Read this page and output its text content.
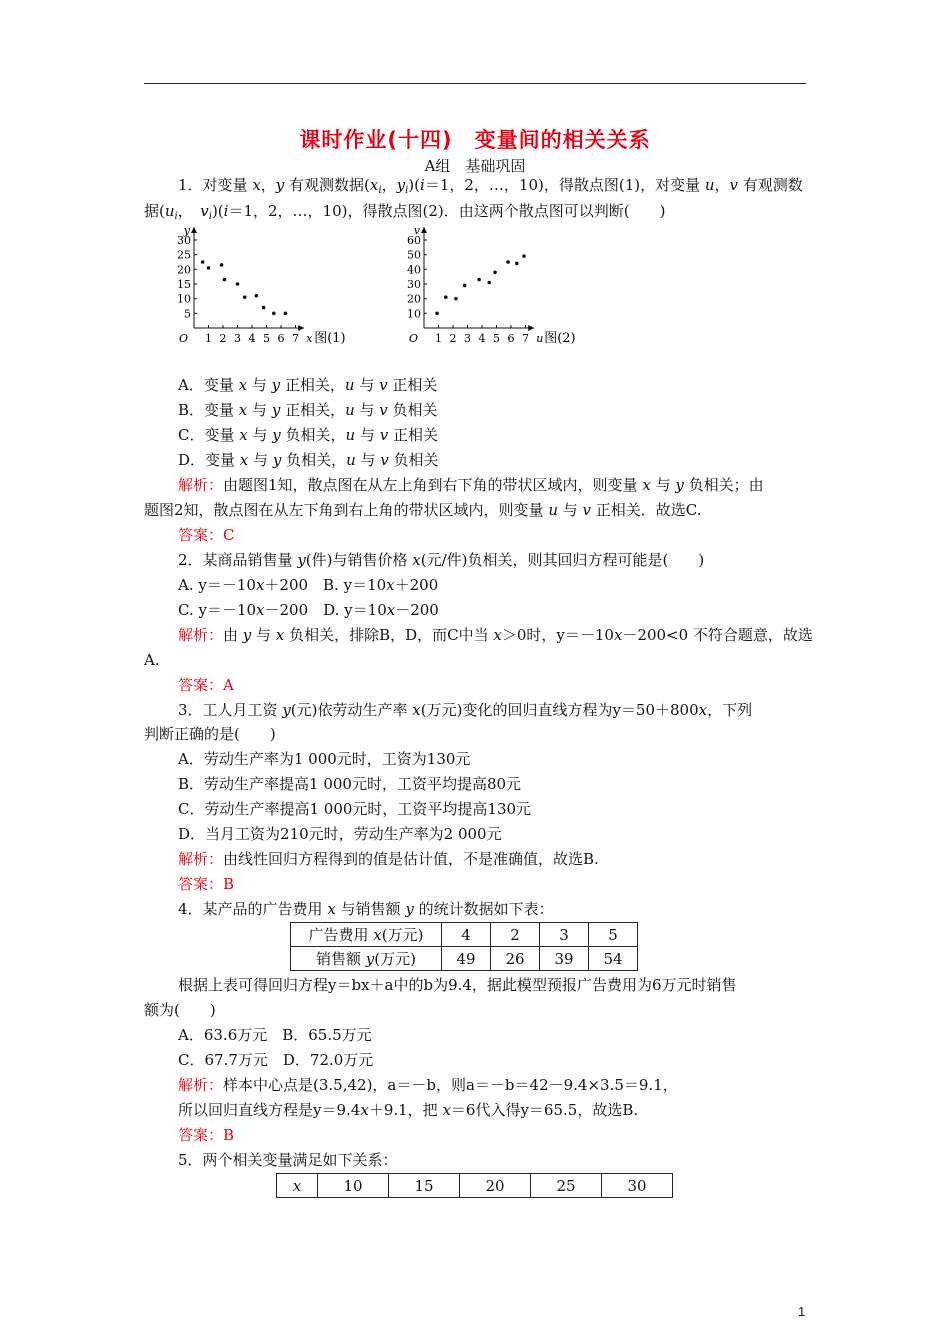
课时作业(十四)　变量间的相关关系
A组　基础巩固
1．对变量 x，y 有观测数据($x_i$，$y_i)(i=1$，2，…，10)，得散点图(1)，对变量 u，v 有观测数
据($u_i$，　$v_i)(i=1$，2，…，10)，得散点图(2)．由这两个散点图可以判断(　　)
1 2 3 4 5 6 7
5
10
15
20
25
30
O
y
x 图(1)	1 2 3 4 5 6 7
10
20
30
40
50
60
O
v
u 图(2)
A．变量 x 与 y 正相关，u 与 v 正相关
B．变量 x 与 y 正相关，u 与 v 负相关
C．变量 x 与 y 负相关，u 与 v 正相关
D．变量 x 与 y 负相关，u 与 v 负相关
解析：由题图1知，散点图在从左上角到右下角的带状区域内，则变量 x 与 y 负相关；由
题图2知，散点图在从左下角到右上角的带状区域内，则变量 u 与 v 正相关．故选C.
答案：C
2．某商品销售量 y(件)与销售价格 x(元/件)负相关，则其回归方程可能是(　　)
A. y＝－10x＋200　B. y＝10x＋200
C. y＝－10x－200　D. y＝10x－200
解析：由 y 与 x 负相关，排除B，D，而C中当 x＞0时，y＝－10x－200<0 不符合题意，故选
A.
答案：A
3．工人月工资 y(元)依劳动生产率 x(万元)变化的回归直线方程为y＝50＋800x，下列
判断正确的是(　　)
A．劳动生产率为1 000元时，工资为130元
B．劳动生产率提高1 000元时，工资平均提高80元
C．劳动生产率提高1 000元时，工资平均提高130元
D．当月工资为210元时，劳动生产率为2 000元
解析：由线性回归方程得到的值是估计值，不是准确值，故选B.
答案：B
4．某产品的广告费用 x 与销售额 y 的统计数据如下表：
广告费用 x(万元)	4	2	3	5
销售额 y(万元)	49	26	39	54
根据上表可得回归方程y＝bx＋a中的b为9.4，据此模型预报广告费用为6万元时销售
额为(　　)
A．63.6万元　B．65.5万元
C．67.7万元　D．72.0万元
解析：样本中心点是(3.5,42)，a＝－b，则a＝－b＝42－9.4×3.5＝9.1，
所以回归直线方程是y＝9.4x＋9.1，把 x＝6代入得y＝65.5，故选B.
答案：B
5．两个相关变量满足如下关系：
x	10	15	20	25	30
1
